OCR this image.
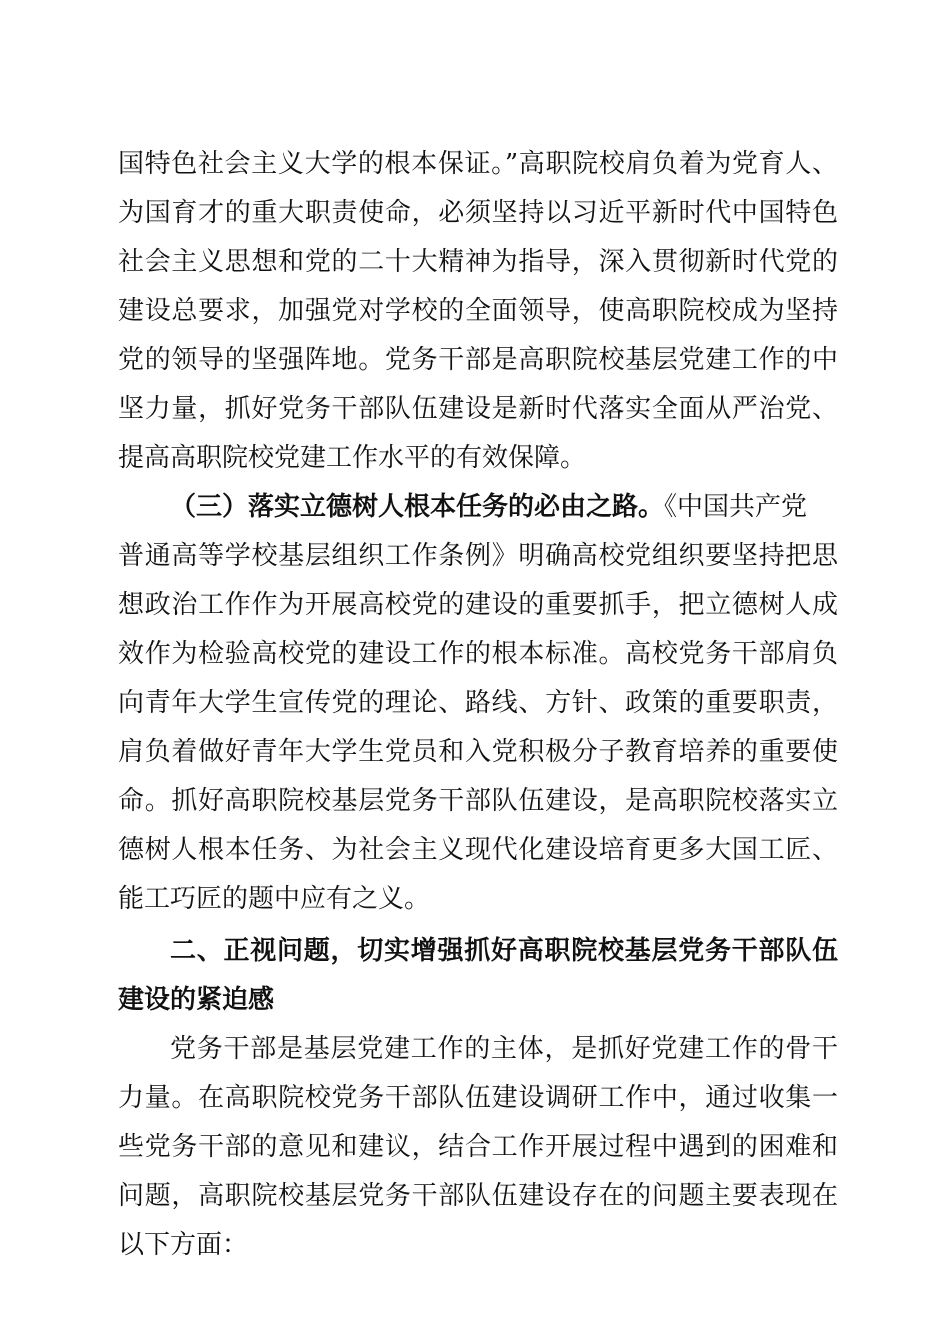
国特色社会主义大学的根本保证。”高职院校肩负着为党育人、
为国育才的重大职责使命，必须坚持以习近平新时代中国特色
社会主义思想和党的二十大精神为指导，深入贯彻新时代党的
建设总要求，加强党对学校的全面领导，使高职院校成为坚持
党的领导的坚强阵地。党务干部是高职院校基层党建工作的中
坚力量，抓好党务干部队伍建设是新时代落实全面从严治党、
提高高职院校党建工作水平的有效保障。
（三）落实立德树人根本任务的必由之路。《中国共产党
普通高等学校基层组织工作条例》明确高校党组织要坚持把思
想政治工作作为开展高校党的建设的重要抓手，把立德树人成
效作为检验高校党的建设工作的根本标准。高校党务干部肩负
向青年大学生宣传党的理论、路线、方针、政策的重要职责，
肩负着做好青年大学生党员和入党积极分子教育培养的重要使
命。抓好高职院校基层党务干部队伍建设，是高职院校落实立
德树人根本任务、为社会主义现代化建设培育更多大国工匠、
能工巧匠的题中应有之义。
二、正视问题，切实增强抓好高职院校基层党务干部队伍
建设的紧迫感
党务干部是基层党建工作的主体，是抓好党建工作的骨干
力量。在高职院校党务干部队伍建设调研工作中，通过收集一
些党务干部的意见和建议，结合工作开展过程中遇到的困难和
问题，高职院校基层党务干部队伍建设存在的问题主要表现在
以下方面：
